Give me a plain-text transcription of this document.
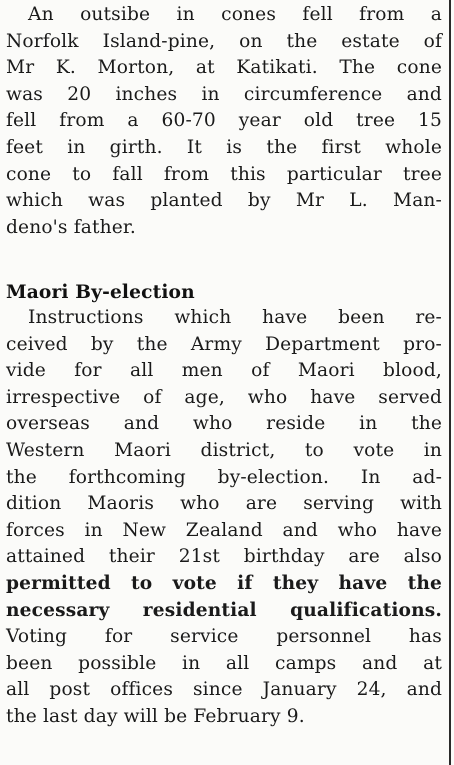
An outsibe in cones fell from a
Norfolk Island-pine, on the estate of
Mr K. Morton, at Katikati. The cone
was 20 inches in circumference and
fell from a 60-70 year old tree 15
feet in girth. It is the first whole
cone to fall from this particular tree
which was planted by Mr L. Man-
deno's father.
Maori By-election
Instructions which have been re-
ceived by the Army Department pro-
vide for all men of Maori blood,
irrespective of age, who have served
overseas and who reside in the
Western Maori district, to vote in
the forthcoming by-election. In ad-
dition Maoris who are serving with
forces in New Zealand and who have
attained their 21st birthday are also
permitted to vote if they have the
necessary residential qualifications.
Voting for service personnel has
been possible in all camps and at
all post offices since January 24, and
the last day will be February 9.
